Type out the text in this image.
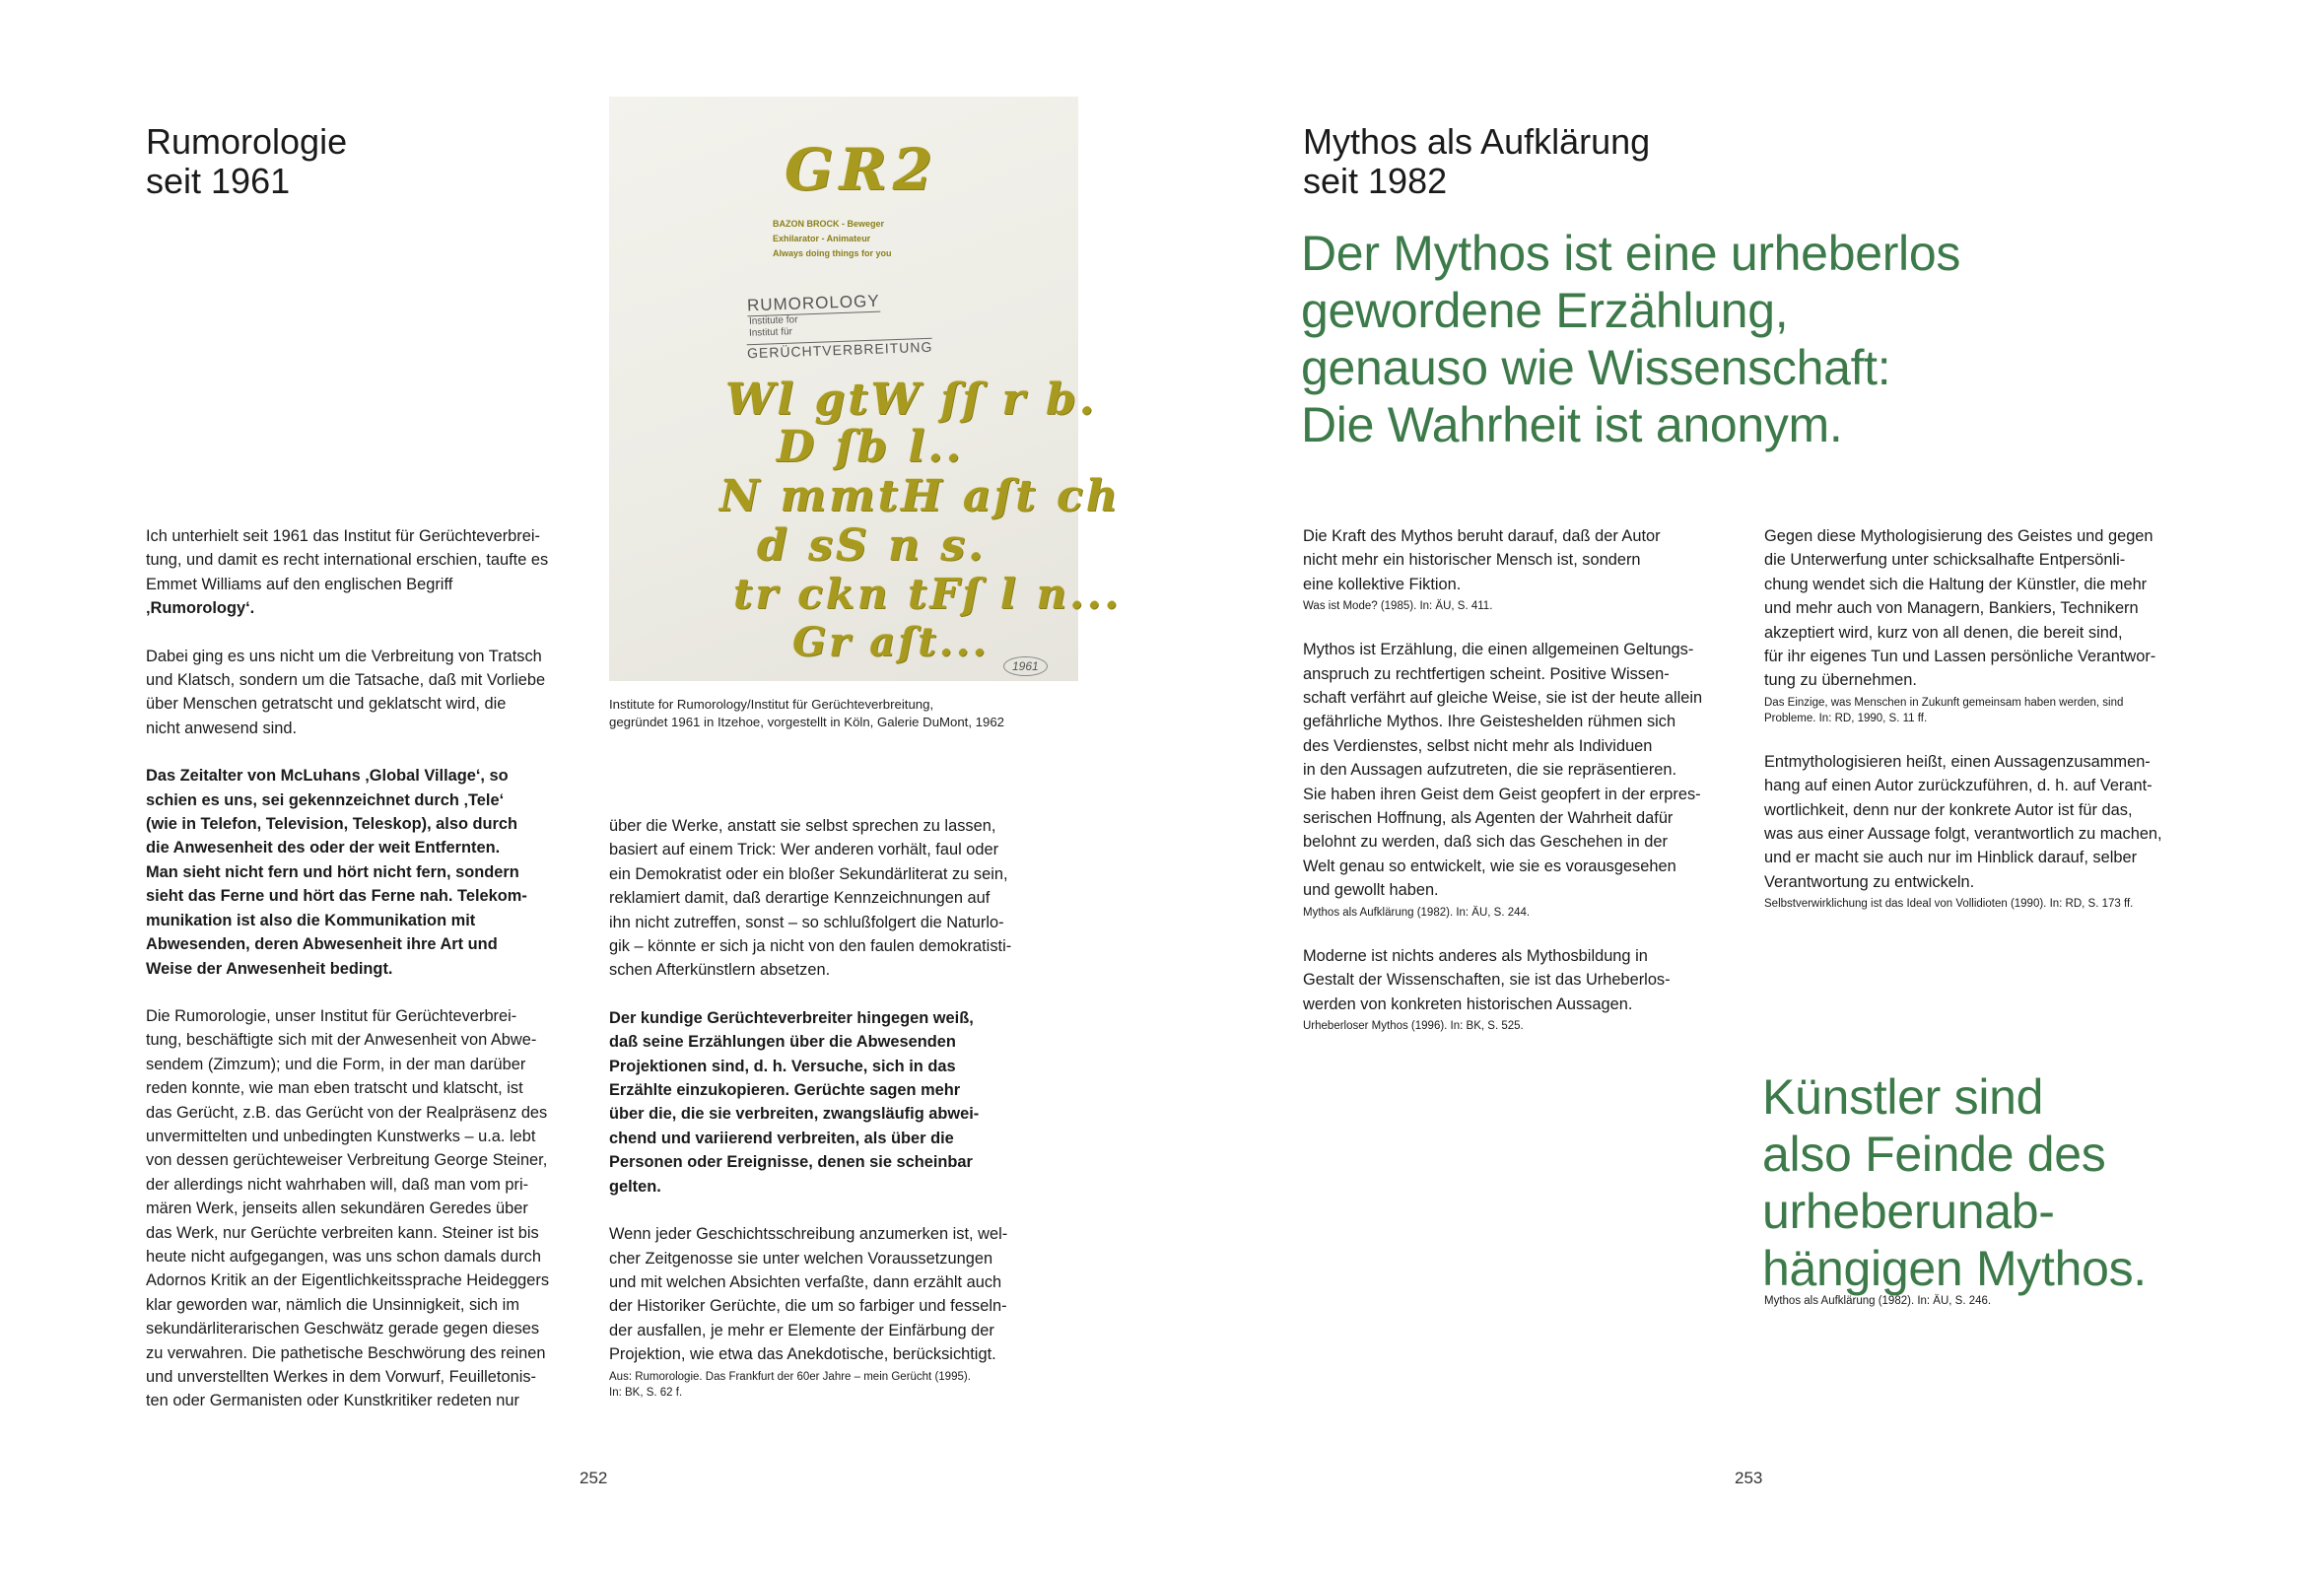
Rumorologie

seit 1961

Ich unterhielt seit 1961 das Institut für Gerüchteverbrei-
tung, und damit es recht international erschien, taufte es
Emmet Williams auf den englischen Begriff
‚Rumorology‘.

Dabei ging es uns nicht um die Verbreitung von Tratsch
und Klatsch, sondern um die Tatsache, daß mit Vorliebe
über Menschen getratscht und geklatscht wird, die
nicht anwesend sind.

Das Zeitalter von McLuhans ‚Global Village‘, so
schien es uns, sei gekennzeichnet durch ‚Tele‘
(wie in Telefon, Television, Teleskop), also durch
die Anwesenheit des oder der weit Entfernten.
Man sieht nicht fern und hört nicht fern, sondern
sieht das Ferne und hört das Ferne nah. Telekom-
munikation ist also die Kommunikation mit
Abwesenden, deren Abwesenheit ihre Art und
Weise der Anwesenheit bedingt.

Die Rumorologie, unser Institut für Gerüchteverbrei-
tung, beschäftigte sich mit der Anwesenheit von Abwe-
sendem (Zimzum); und die Form, in der man darüber
reden konnte, wie man eben tratscht und klatscht, ist
das Gerücht, z.B. das Gerücht von der Realpräsenz des
unvermittelten und unbedingten Kunstwerks – u.a. lebt
von dessen gerüchteweiser Verbreitung George Steiner,
der allerdings nicht wahrhaben will, daß man vom pri-
mären Werk, jenseits allen sekundären Geredes über
das Werk, nur Gerüchte verbreiten kann. Steiner ist bis
heute nicht aufgegangen, was uns schon damals durch
Adornos Kritik an der Eigentlichkeitssprache Heideggers
klar geworden war, nämlich die Unsinnigkeit, sich im
sekundärliterarischen Geschwätz gerade gegen dieses
zu verwahren. Die pathetische Beschwörung des reinen
und unverstellten Werkes in dem Vorwurf, Feuilletonis-
ten oder Germanisten oder Kunstkritiker redeten nur

GR2
BAZON BROCK - Beweger
Exhilarator - Animateur
Always doing things for you
RUMOROLOGY
Institute for
Institut für
GERÜCHTVERBREITUNG
Wl gtW ſſ r b.
D ſb l..
N mmtH aſt ch
d sS n s.
tr ckn tFſ l n...
Gr aſt...
1961

Institute for Rumorology/Institut für Gerüchteverbreitung,

gegründet 1961 in Itzehoe, vorgestellt in Köln, Galerie DuMont, 1962

über die Werke, anstatt sie selbst sprechen zu lassen,
basiert auf einem Trick: Wer anderen vorhält, faul oder
ein Demokratist oder ein bloßer Sekundärliterat zu sein,
reklamiert damit, daß derartige Kennzeichnungen auf
ihn nicht zutreffen, sonst – so schlußfolgert die Naturlo-
gik – könnte er sich ja nicht von den faulen demokratisti-
schen Afterkünstlern absetzen.

Der kundige Gerüchteverbreiter hingegen weiß,
daß seine Erzählungen über die Abwesenden
Projektionen sind, d. h. Versuche, sich in das
Erzählte einzukopieren. Gerüchte sagen mehr
über die, die sie verbreiten, zwangsläufig abwei-
chend und variierend verbreiten, als über die
Personen oder Ereignisse, denen sie scheinbar
gelten.

Wenn jeder Geschichtsschreibung anzumerken ist, wel-
cher Zeitgenosse sie unter welchen Voraussetzungen
und mit welchen Absichten verfaßte, dann erzählt auch
der Historiker Gerüchte, die um so farbiger und fesseln-
der ausfallen, je mehr er Elemente der Einfärbung der
Projektion, wie etwa das Anekdotische, berücksichtigt.

Aus: Rumorologie. Das Frankfurt der 60er Jahre – mein Gerücht (1995).
In: BK, S. 62 f.
252

Mythos als Aufklärung

seit 1982

Der Mythos ist eine urheberlos

gewordene Erzählung,

genauso wie Wissenschaft:

Die Wahrheit ist anonym.

Die Kraft des Mythos beruht darauf, daß der Autor
nicht mehr ein historischer Mensch ist, sondern
eine kollektive Fiktion.

Was ist Mode? (1985). In: ÄU, S. 411.

Mythos ist Erzählung, die einen allgemeinen Geltungs-
anspruch zu rechtfertigen scheint. Positive Wissen-
schaft verfährt auf gleiche Weise, sie ist der heute allein
gefährliche Mythos. Ihre Geisteshelden rühmen sich
des Verdienstes, selbst nicht mehr als Individuen
in den Aussagen aufzutreten, die sie repräsentieren.
Sie haben ihren Geist dem Geist geopfert in der erpres-
serischen Hoffnung, als Agenten der Wahrheit dafür
belohnt zu werden, daß sich das Geschehen in der
Welt genau so entwickelt, wie sie es vorausgesehen
und gewollt haben.

Mythos als Aufklärung (1982). In: ÄU, S. 244.

Moderne ist nichts anderes als Mythosbildung in
Gestalt der Wissenschaften, sie ist das Urheberlos-
werden von konkreten historischen Aussagen.

Urheberloser Mythos (1996). In: BK, S. 525.

Gegen diese Mythologisierung des Geistes und gegen
die Unterwerfung unter schicksalhafte Entpersönli-
chung wendet sich die Haltung der Künstler, die mehr
und mehr auch von Managern, Bankiers, Technikern
akzeptiert wird, kurz von all denen, die bereit sind,
für ihr eigenes Tun und Lassen persönliche Verantwor-
tung zu übernehmen.

Das Einzige, was Menschen in Zukunft gemeinsam haben werden, sind
Probleme. In: RD, 1990, S. 11 ff.

Entmythologisieren heißt, einen Aussagenzusammen-
hang auf einen Autor zurückzuführen, d. h. auf Verant-
wortlichkeit, denn nur der konkrete Autor ist für das,
was aus einer Aussage folgt, verantwortlich zu machen,
und er macht sie auch nur im Hinblick darauf, selber
Verantwortung zu entwickeln.

Selbstverwirklichung ist das Ideal von Vollidioten (1990). In: RD, S. 173 ff.

Künstler sind

also Feinde des

urheberunab-

hängigen Mythos.

Mythos als Aufklärung (1982). In: ÄU, S. 246.
253
